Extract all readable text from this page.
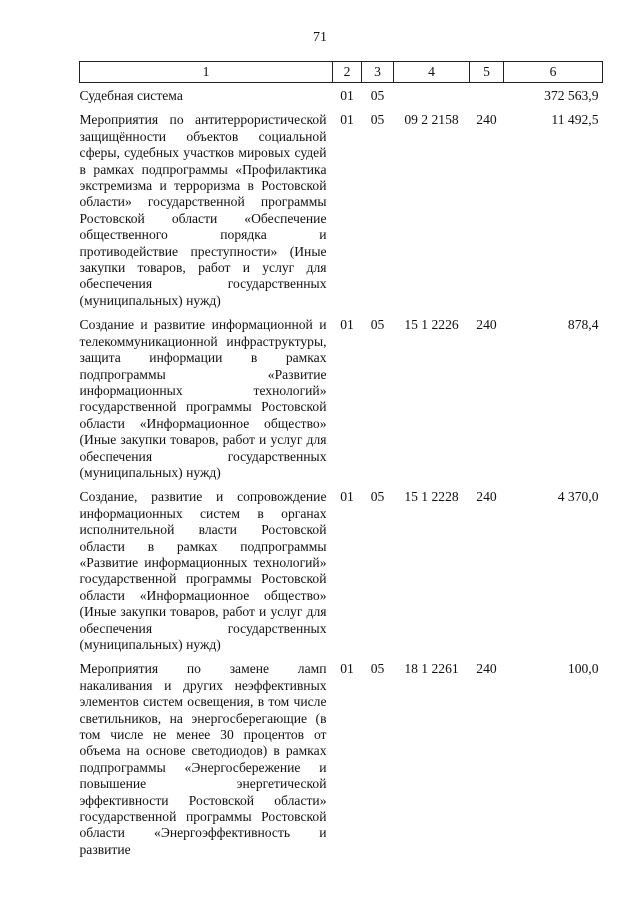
71
1	2	3	4	5	6
Судебная система	01	05			372 563,9
Мероприятия по антитеррористической защищённости объектов социальной сферы, судебных участков мировых судей в рамках подпрограммы «Профилактика экстремизма и терроризма в Ростовской области» государственной программы Ростовской области «Обеспечение общественного порядка и противодействие преступности» (Иные закупки товаров, работ и услуг для обеспечения государственных (муниципальных) нужд)	01	05	09 2 2158	240	11 492,5
Создание и развитие информационной и телекоммуникационной инфраструктуры, защита информации в рамках подпрограммы «Развитие информационных технологий» государственной программы Ростовской области «Информационное общество» (Иные закупки товаров, работ и услуг для обеспечения государственных (муниципальных) нужд)	01	05	15 1 2226	240	878,4
Создание, развитие и сопровождение информационных систем в органах исполнительной власти Ростовской области в рамках подпрограммы «Развитие информационных технологий» государственной программы Ростовской области «Информационное общество» (Иные закупки товаров, работ и услуг для обеспечения государственных (муниципальных) нужд)	01	05	15 1 2228	240	4 370,0
Мероприятия по замене ламп накаливания и других неэффективных элементов систем освещения, в том числе светильников, на энергосберегающие (в том числе не менее 30 процентов от объема на основе светодиодов) в рамках подпрограммы «Энергосбережение и повышение энергетической эффективности Ростовской области» государственной программы Ростовской области «Энергоэффективность и развитие	01	05	18 1 2261	240	100,0
